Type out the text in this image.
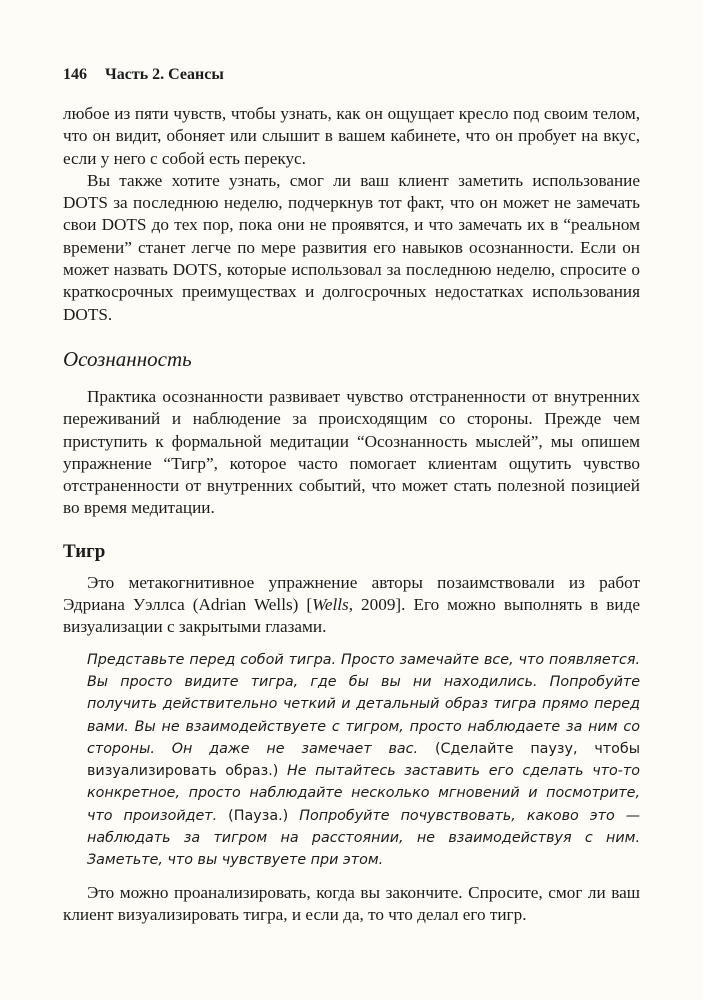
146 Часть 2. Сеансы

любое из пяти чувств, чтобы узнать, как он ощущает кресло под своим телом, что он видит, обоняет или слышит в вашем кабинете, что он пробует на вкус, если у него с собой есть перекус.

Вы также хотите узнать, смог ли ваш клиент заметить использование DOTS за последнюю неделю, подчеркнув тот факт, что он может не замечать свои DOTS до тех пор, пока они не проявятся, и что замечать их в “реальном времени” станет легче по мере развития его навыков осознанности. Если он может назвать DOTS, которые использовал за последнюю неделю, спросите о краткосрочных преимуществах и долгосрочных недостатках использования DOTS.

Осознанность

Практика осознанности развивает чувство отстраненности от внутренних переживаний и наблюдение за происходящим со стороны. Прежде чем приступить к формальной медитации “Осознанность мыслей”, мы опишем упражнение “Тигр”, которое часто помогает клиентам ощутить чувство отстраненности от внутренних событий, что может стать полезной позицией во время медитации.

Тигр

Это метакогнитивное упражнение авторы позаимствовали из работ Эдриана Уэллса (Adrian Wells) [Wells, 2009]. Его можно выполнять в виде визуализации с закрытыми глазами.

Представьте перед собой тигра. Просто замечайте все, что появляется. Вы просто видите тигра, где бы вы ни находились. Попробуйте получить действительно четкий и детальный образ тигра прямо перед вами. Вы не взаимодействуете с тигром, просто наблюдаете за ним со стороны. Он даже не замечает вас. (Сделайте паузу, чтобы визуализировать образ.) Не пытайтесь заставить его сделать что-то конкретное, просто наблюдайте несколько мгновений и посмотрите, что произойдет. (Пауза.) Попробуйте почувствовать, каково это — наблюдать за тигром на расстоянии, не взаимодействуя с ним. Заметьте, что вы чувствуете при этом.

Это можно проанализировать, когда вы закончите. Спросите, смог ли ваш клиент визуализировать тигра, и если да, то что делал его тигр.
